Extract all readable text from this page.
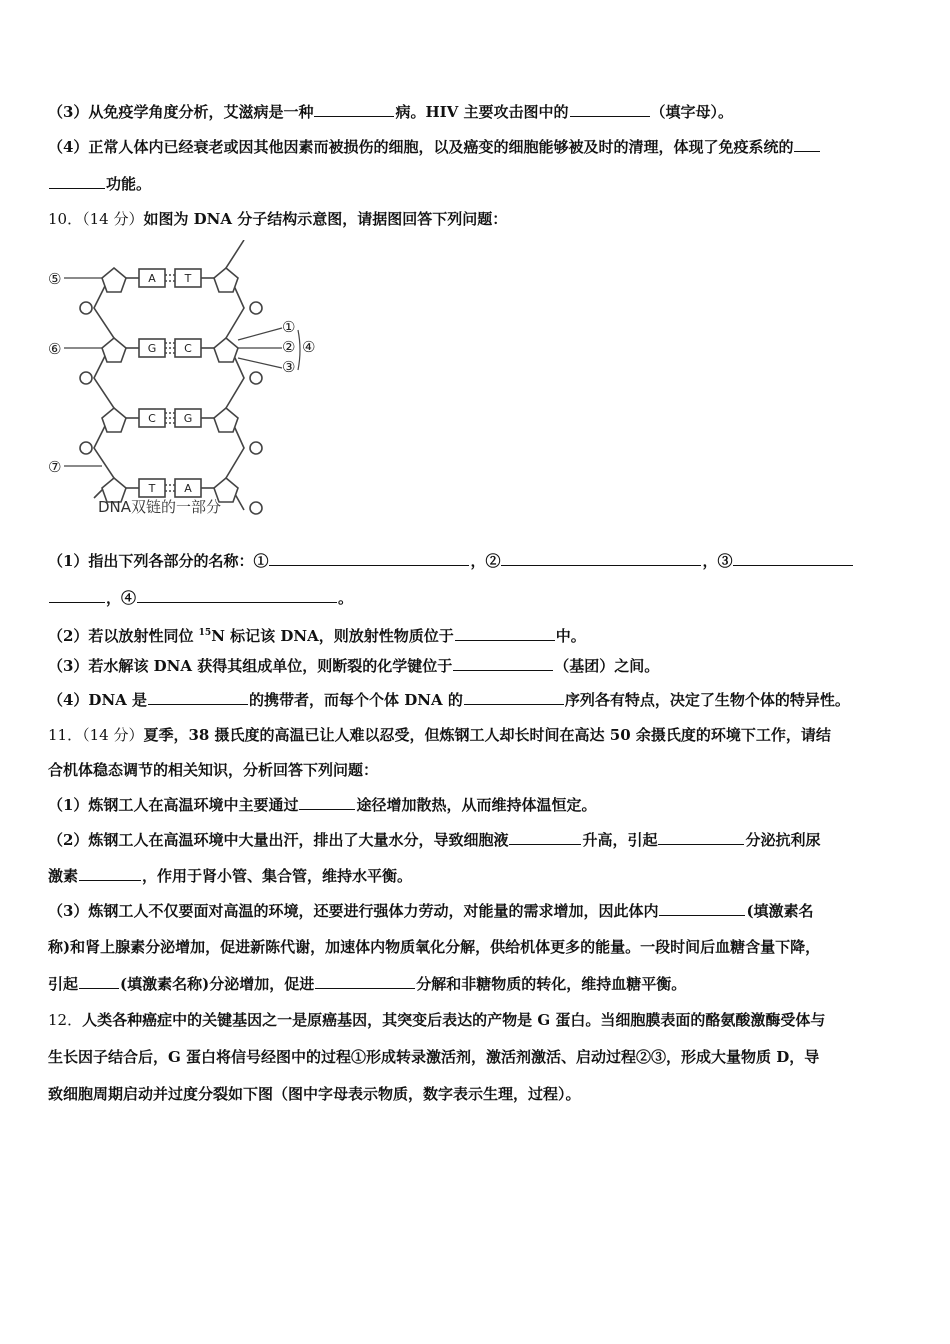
（3）从免疫学角度分析，艾滋病是一种	病。HIV 主要攻击图中的	（填字母）。
（4）正常人体内已经衰老或因其他因素而被损伤的细胞，以及癌变的细胞能够被及时的清理，体现了免疫系统的
功能。
10．（14 分）如图为 DNA 分子结构示意图，请据图回答下列问题：
A	T
G	C
C	G
T	A
⑤
⑥
⑦
①
②
③
④
DNA双链的一部分
（1）指出下列各部分的名称：①	，②	，③
，④	。
（2）若以放射性同位 $^{15}$N 标记该 DNA，则放射性物质位于	中。
（3）若水解该 DNA 获得其组成单位，则断裂的化学键位于	（基团）之间。
（4）DNA 是	的携带者，而每个个体 DNA 的	序列各有特点，决定了生物个体的特异性。
11．（14 分）夏季，38 摄氏度的高温已让人难以忍受，但炼钢工人却长时间在高达 50 余摄氏度的环境下工作，请结
合机体稳态调节的相关知识，分析回答下列问题：
（1）炼钢工人在高温环境中主要通过	途径增加散热，从而维持体温恒定。
（2）炼钢工人在高温环境中大量出汗，排出了大量水分，导致细胞液	升高，引起	分泌抗利尿
激素	，作用于肾小管、集合管，维持水平衡。
（3）炼钢工人不仅要面对高温的环境，还要进行强体力劳动，对能量的需求增加，因此体内	(填激素名
称)和肾上腺素分泌增加，促进新陈代谢，加速体内物质氧化分解，供给机体更多的能量。一段时间后血糖含量下降，
引起	(填激素名称)分泌增加，促进	分解和非糖物质的转化，维持血糖平衡。
12．人类各种癌症中的关键基因之一是原癌基因，其突变后表达的产物是 G 蛋白。当细胞膜表面的酪氨酸激酶受体与
生长因子结合后，G 蛋白将信号经图中的过程①形成转录激活剂，激活剂激活、启动过程②③，形成大量物质 D，导
致细胞周期启动并过度分裂如下图（图中字母表示物质，数字表示生理，过程）。
